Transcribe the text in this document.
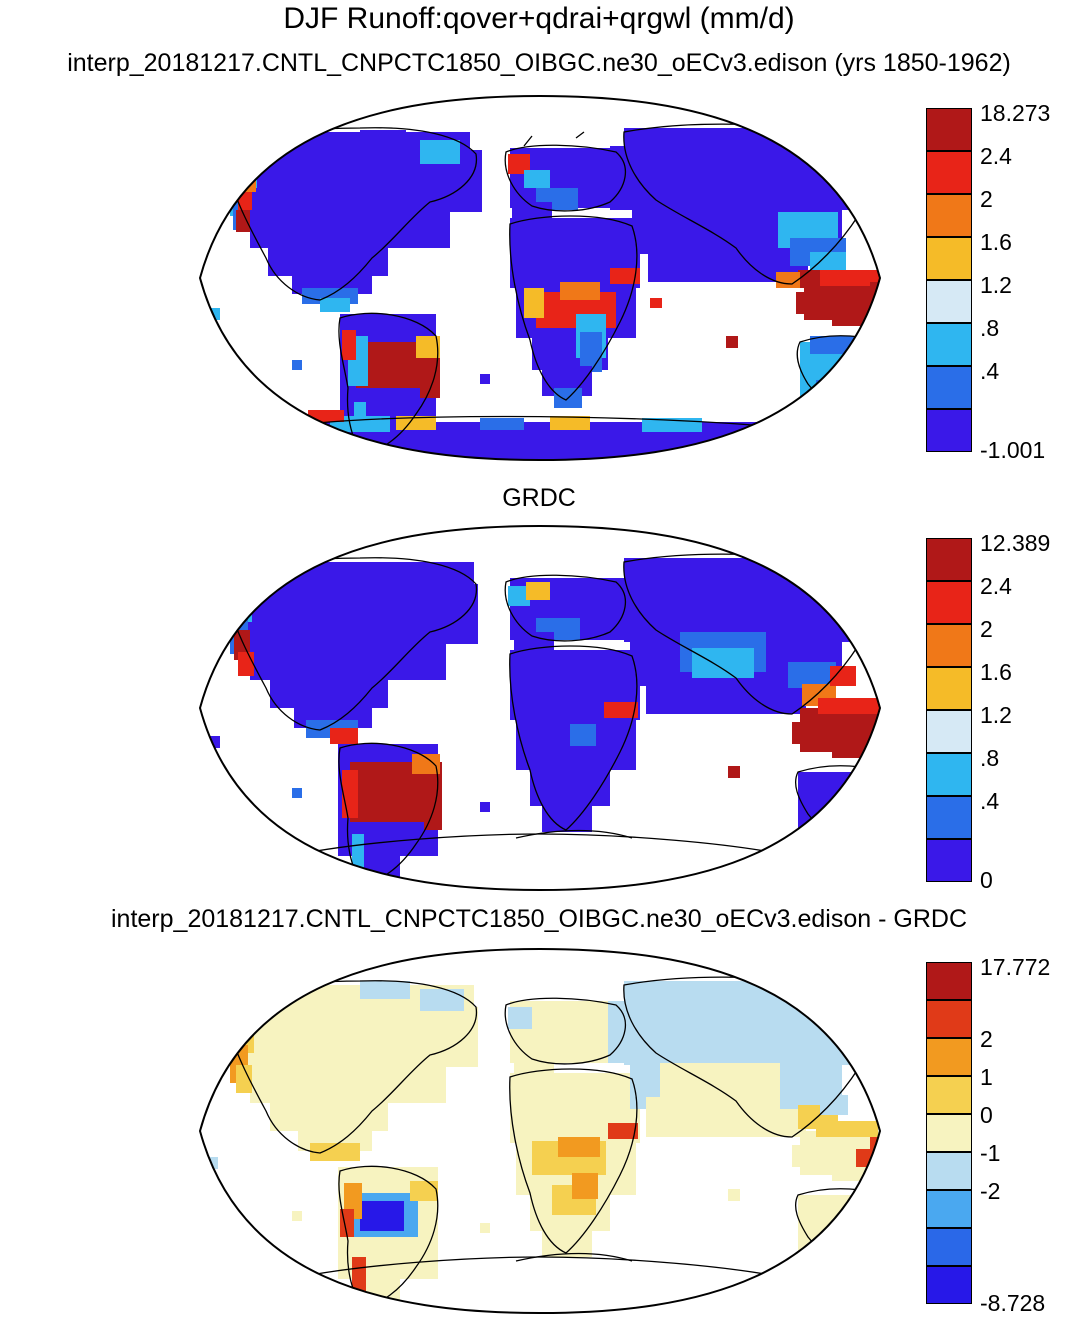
DJF Runoff:qover+qdrai+qrgwl (mm/d)
interp_20181217.CNTL_CNPCTC1850_OIBGC.ne30_oECv3.edison (yrs 1850-1962)
18.273
2.4
2
1.6
1.2
.8
.4
-1.001
GRDC
12.389
2.4
2
1.6
1.2
.8
.4
0
interp_20181217.CNTL_CNPCTC1850_OIBGC.ne30_oECv3.edison - GRDC
17.772
2
1
0
-1
-2
-8.728
